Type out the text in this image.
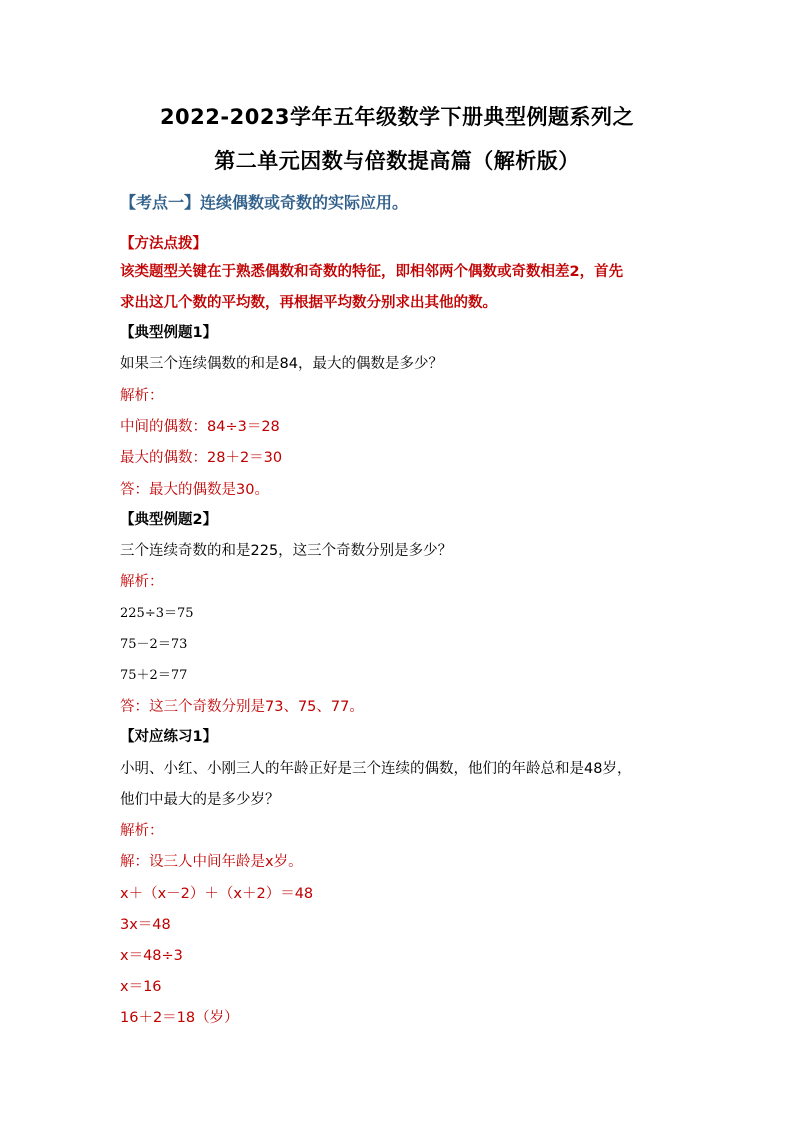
2022-2023学年五年级数学下册典型例题系列之
第二单元因数与倍数提高篇（解析版）
【考点一】连续偶数或奇数的实际应用。
【方法点拨】
该类题型关键在于熟悉偶数和奇数的特征，即相邻两个偶数或奇数相差2，首先
求出这几个数的平均数，再根据平均数分别求出其他的数。
【典型例题1】
如果三个连续偶数的和是84，最大的偶数是多少？
解析：
中间的偶数：84÷3＝28
最大的偶数：28＋2＝30
答：最大的偶数是30。
【典型例题2】
三个连续奇数的和是225，这三个奇数分别是多少？
解析：
225÷3＝75
75－2＝73
75＋2＝77
答：这三个奇数分别是73、75、77。
【对应练习1】
小明、小红、小刚三人的年龄正好是三个连续的偶数，他们的年龄总和是48岁，
他们中最大的是多少岁？
解析：
解：设三人中间年龄是x岁。
x＋（x－2）＋（x＋2）＝48
3x＝48
x＝48÷3
x＝16
16＋2＝18（岁）
